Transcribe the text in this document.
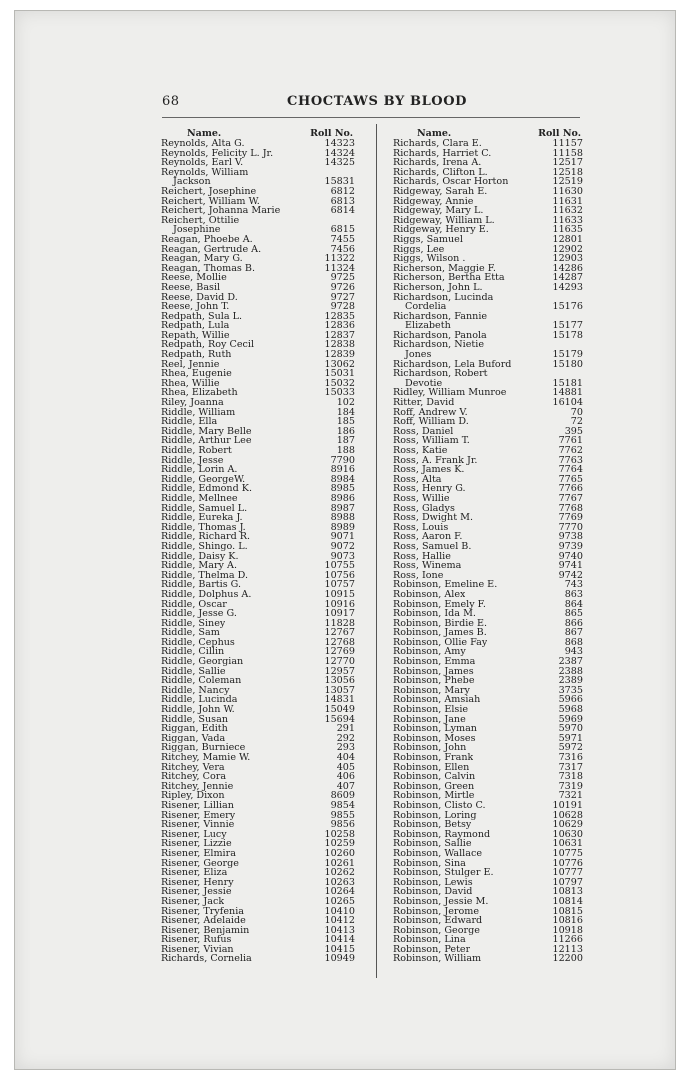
68	CHOCTAWS BY BLOOD
Name.	Roll No.
Reynolds, Alta G.	14323
Reynolds, Felicity L. Jr.	14324
Reynolds, Earl V.	14325
Reynolds, William
Jackson	15831
Reichert, Josephine	6812
Reichert, William W.	6813
Reichert, Johanna Marie	6814
Reichert, Ottilie
Josephine	6815
Reagan, Phoebe A.	7455
Reagan, Gertrude A.	7456
Reagan, Mary G.	11322
Reagan, Thomas B.	11324
Reese, Mollie	9725
Reese, Basil	9726
Reese, David D.	9727
Reese, John T.	9728
Redpath, Sula L.	12835
Redpath, Lula	12836
Repath, Willie	12837
Redpath, Roy Cecil	12838
Redpath, Ruth	12839
Reel, Jennie	13062
Rhea, Eugenie	15031
Rhea, Willie	15032
Rhea, Elizabeth	15033
Riley, Joanna	102
Riddle, William	184
Riddle, Ella	185
Riddle, Mary Belle	186
Riddle, Arthur Lee	187
Riddle, Robert	188
Riddle, Jesse	7790
Riddle, Lorin A.	8916
Riddle, GeorgeW.	8984
Riddle, Edmond K.	8985
Riddle, Mellnee	8986
Riddle, Samuel L.	8987
Riddle, Eureka J.	8988
Riddle, Thomas J.	8989
Riddle, Richard R.	9071
Riddle, Shingo. L.	9072
Riddle, Daisy K.	9073
Riddle, Mary A.	10755
Riddle, Thelma D.	10756
Riddle, Bartis G.	10757
Riddle, Dolphus A.	10915
Riddle, Oscar	10916
Riddle, Jesse G.	10917
Riddle, Siney	11828
Riddle, Sam	12767
Riddle, Cephus	12768
Riddle, Cillin	12769
Riddle, Georgian	12770
Riddle, Sallie	12957
Riddle, Coleman	13056
Riddle, Nancy	13057
Riddle, Lucinda	14831
Riddle, John W.	15049
Riddle, Susan	15694
Riggan, Edith	291
Riggan, Vada	292
Riggan, Burniece	293
Ritchey, Mamie W.	404
Ritchey, Vera	405
Ritchey, Cora	406
Ritchey, Jennie	407
Ripley, Dixon	8609
Risener, Lillian	9854
Risener, Emery	9855
Risener, Vinnie	9856
Risener, Lucy	10258
Risener, Lizzie	10259
Risener, Elmira	10260
Risener, George	10261
Risener, Eliza	10262
Risener, Henry	10263
Risener, Jessie	10264
Risener, Jack	10265
Risener, Tryfenia	10410
Risener, Adelaide	10412
Risener, Benjamin	10413
Risener, Rufus	10414
Risener, Vivian	10415
Richards, Cornelia	10949
Name.	Roll No.
Richards, Clara E.	11157
Richards, Harriet C.	11158
Richards, Irena A.	12517
Richards, Clifton L.	12518
Richards, Oscar Horton	12519
Ridgeway, Sarah E.	11630
Ridgeway, Annie	11631
Ridgeway, Mary L.	11632
Ridgeway, William L.	11633
Ridgeway, Henry E.	11635
Riggs, Samuel	12801
Riggs, Lee	12902
Riggs, Wilson .	12903
Richerson, Maggie F.	14286
Richerson, Bertha Etta	14287
Richerson, John L.	14293
Richardson, Lucinda
Cordelia	15176
Richardson, Fannie
Elizabeth	15177
Richardson, Panola	15178
Richardson, Nietie
Jones	15179
Richardson, Lela Buford	15180
Richardson, Robert
Devotie	15181
Ridley, William Munroe	14881
Ritter, David	16104
Roff, Andrew V.	70
Roff, William D.	72
Ross, Daniel	395
Ross, William T.	7761
Ross, Katie	7762
Ross, A. Frank Jr.	7763
Ross, James K.	7764
Ross, Alta	7765
Ross, Henry G.	7766
Ross, Willie	7767
Ross, Gladys	7768
Ross, Dwight M.	7769
Ross, Louis	7770
Ross, Aaron F.	9738
Ross, Samuel B.	9739
Ross, Hallie	9740
Ross, Winema	9741
Ross, Ione	9742
Robinson, Emeline E.	743
Robinson, Alex	863
Robinson, Emely F.	864
Robinson, Ida M.	865
Robinson, Birdie E.	866
Robinson, James B.	867
Robinson, Ollie Fay	868
Robinson, Amy	943
Robinson, Emma	2387
Robinson, James	2388
Robinson, Phebe	2389
Robinson, Mary	3735
Robinson, Amsiah	5966
Robinson, Elsie	5968
Robinson, Jane	5969
Robinson, Lyman	5970
Robinson, Moses	5971
Robinson, John	5972
Robinson, Frank	7316
Robinson, Ellen	7317
Robinson, Calvin	7318
Robinson, Green	7319
Robinson, Mirtle	7321
Robinson, Clisto C.	10191
Robinson, Loring	10628
Robinson, Betsy	10629
Robinson, Raymond	10630
Robinson, Sallie	10631
Robinson, Wallace	10775
Robinson, Sina	10776
Robinson, Stulger E.	10777
Robinson, Lewis	10797
Robinson, David	10813
Robinson, Jessie M.	10814
Robinson, Jerome	10815
Robinson, Edward	10816
Robinson, George	10918
Robinson, Lina	11266
Robinson, Peter	12113
Robinson, William	12200
